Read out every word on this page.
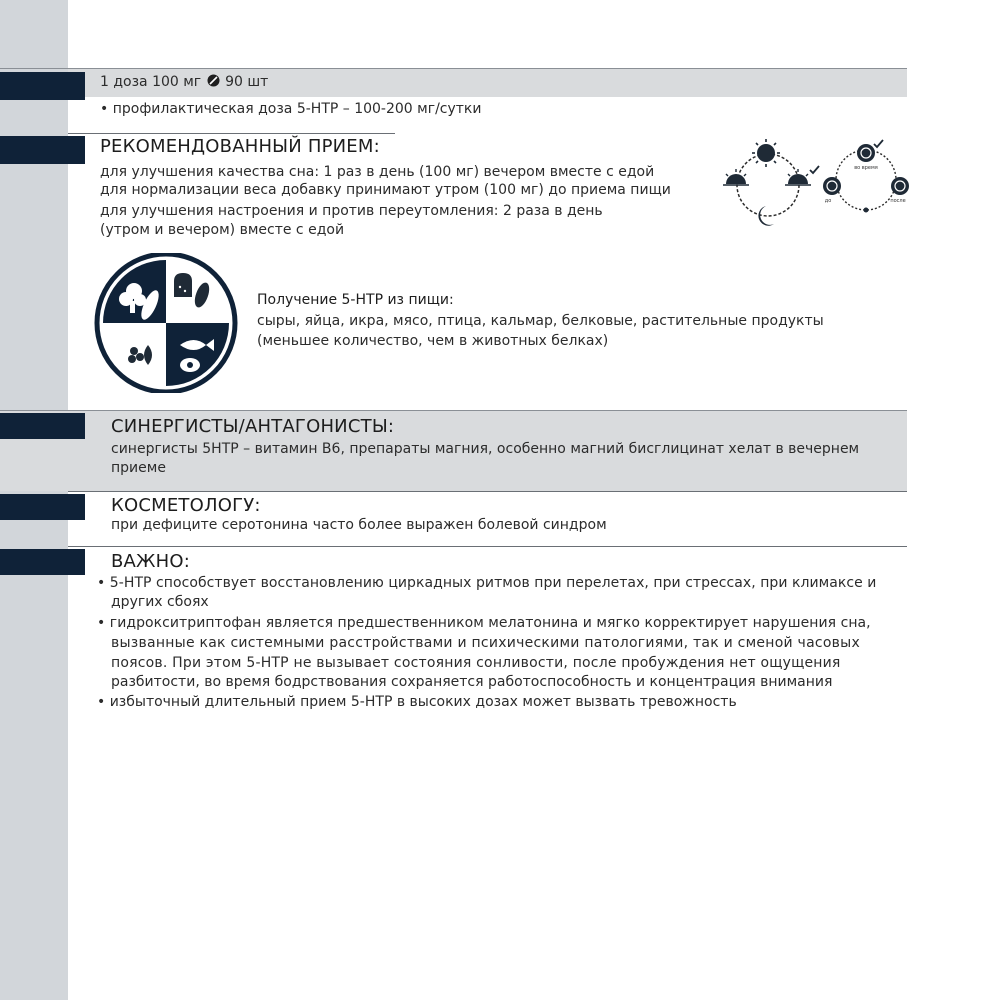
1 доза 100 мг 90 шт
• профилактическая доза 5-HTP – 100-200 мг/сутки
РЕКОМЕНДОВАННЫЙ ПРИЕМ:
для улучшения качества сна: 1 раз в день (100 мг) вечером вместе с едой
для нормализации веса добавку принимают утром (100 мг) до приема пищи
для улучшения настроения и против переутомления: 2 раза в день
(утром и вечером) вместе с едой
во время
до	после
Получение 5-HTP из пищи:
сыры, яйца, икра, мясо, птица, кальмар, белковые, растительные продукты
(меньшее количество, чем в животных белках)
СИНЕРГИСТЫ/АНТАГОНИСТЫ:
синергисты 5HTP – витамин В6, препараты магния, особенно магний бисглицинат хелат в вечернем
приеме
КОСМЕТОЛОГУ:
при дефиците серотонина часто более выражен болевой синдром
ВАЖНО:
• 5-HTP способствует восстановлению циркадных ритмов при перелетах, при стрессах, при климаксе и
другиx сбоях
• гидрокситриптофан является предшественником мелатонина и мягко корректирует нарушения сна,
вызванные как системными расстройствами и психическими патологиями, так и сменой часовых
поясов. При этом 5-HTP не вызывает состояния сонливости, после пробуждения нет ощущения
разбитости, во время бодрствования сохраняется работоспособность и концентрация внимания
• избыточный длительный прием 5-HTP в высоких дозах может вызвать тревожность
